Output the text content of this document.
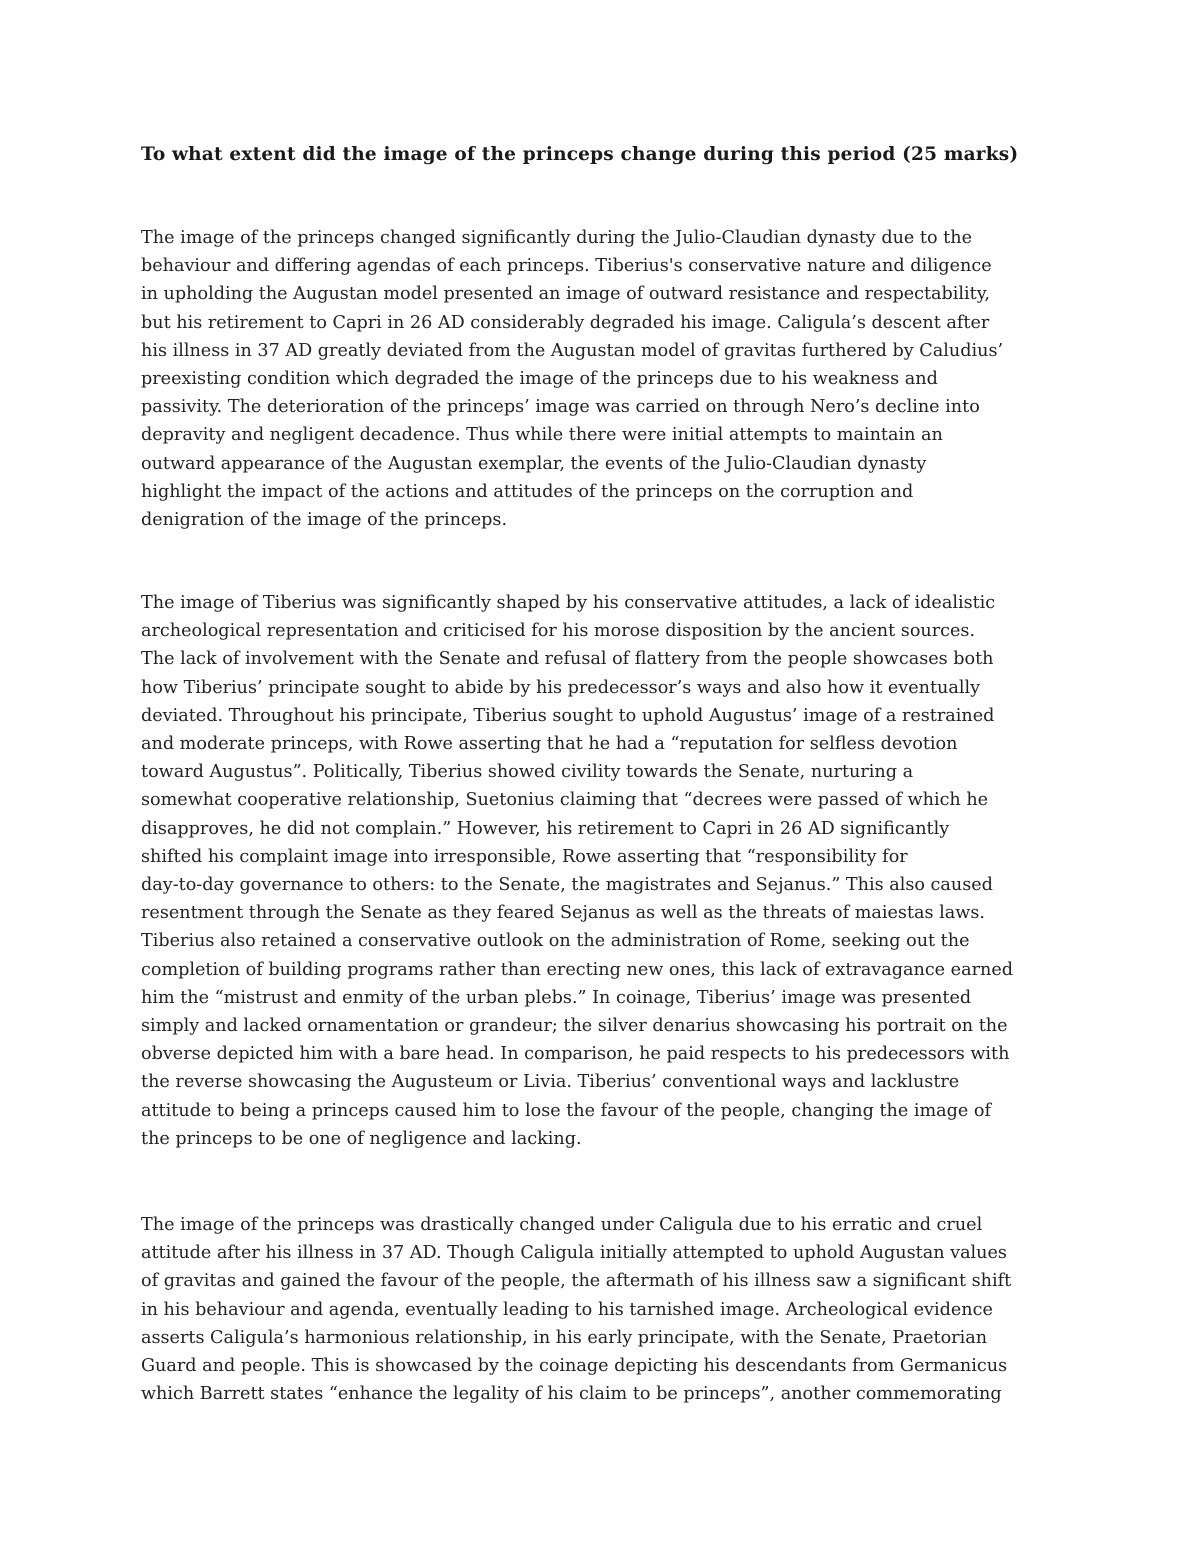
To what extent did the image of the princeps change during this period (25 marks)
The image of the princeps changed significantly during the Julio-Claudian dynasty due to the
behaviour and differing agendas of each princeps. Tiberius's conservative nature and diligence
in upholding the Augustan model presented an image of outward resistance and respectability,
but his retirement to Capri in 26 AD considerably degraded his image. Caligula’s descent after
his illness in 37 AD greatly deviated from the Augustan model of gravitas furthered by Caludius’
preexisting condition which degraded the image of the princeps due to his weakness and
passivity. The deterioration of the princeps’ image was carried on through Nero’s decline into
depravity and negligent decadence. Thus while there were initial attempts to maintain an
outward appearance of the Augustan exemplar, the events of the Julio-Claudian dynasty
highlight the impact of the actions and attitudes of the princeps on the corruption and
denigration of the image of the princeps.
The image of Tiberius was significantly shaped by his conservative attitudes, a lack of idealistic
archeological representation and criticised for his morose disposition by the ancient sources.
The lack of involvement with the Senate and refusal of flattery from the people showcases both
how Tiberius’ principate sought to abide by his predecessor’s ways and also how it eventually
deviated. Throughout his principate, Tiberius sought to uphold Augustus’ image of a restrained
and moderate princeps, with Rowe asserting that he had a “reputation for selfless devotion
toward Augustus”. Politically, Tiberius showed civility towards the Senate, nurturing a
somewhat cooperative relationship, Suetonius claiming that “decrees were passed of which he
disapproves, he did not complain.” However, his retirement to Capri in 26 AD significantly
shifted his complaint image into irresponsible, Rowe asserting that “responsibility for
day-to-day governance to others: to the Senate, the magistrates and Sejanus.” This also caused
resentment through the Senate as they feared Sejanus as well as the threats of maiestas laws.
Tiberius also retained a conservative outlook on the administration of Rome, seeking out the
completion of building programs rather than erecting new ones, this lack of extravagance earned
him the “mistrust and enmity of the urban plebs.” In coinage, Tiberius’ image was presented
simply and lacked ornamentation or grandeur; the silver denarius showcasing his portrait on the
obverse depicted him with a bare head. In comparison, he paid respects to his predecessors with
the reverse showcasing the Augusteum or Livia. Tiberius’ conventional ways and lacklustre
attitude to being a princeps caused him to lose the favour of the people, changing the image of
the princeps to be one of negligence and lacking.
The image of the princeps was drastically changed under Caligula due to his erratic and cruel
attitude after his illness in 37 AD. Though Caligula initially attempted to uphold Augustan values
of gravitas and gained the favour of the people, the aftermath of his illness saw a significant shift
in his behaviour and agenda, eventually leading to his tarnished image. Archeological evidence
asserts Caligula’s harmonious relationship, in his early principate, with the Senate, Praetorian
Guard and people. This is showcased by the coinage depicting his descendants from Germanicus
which Barrett states “enhance the legality of his claim to be princeps”, another commemorating
